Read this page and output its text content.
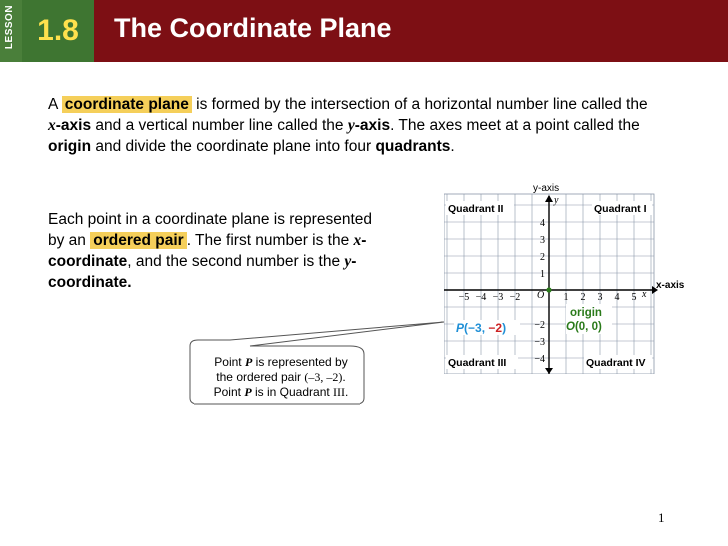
LESSON 1.8	The Coordinate Plane
A coordinate plane is formed by the intersection of a horizontal number line called the x-axis and a vertical number line called the y-axis. The axes meet at a point called the origin and divide the coordinate plane into four quadrants.
Each point in a coordinate plane is represented by an ordered pair . The first number is the x-coordinate, and the second number is the y-coordinate.
Point P is represented by
the ordered pair (–3, –2).
Point P is in Quadrant III.
−5 −4 −3 −2	1 2 3 4 5
4
3
2
1
−2
−3
−4
y-axis
y
x-axis
x
O
Quadrant II	Quadrant I
Quadrant III	Quadrant IV
P(−3, −2)
origin
O(0, 0)
1
